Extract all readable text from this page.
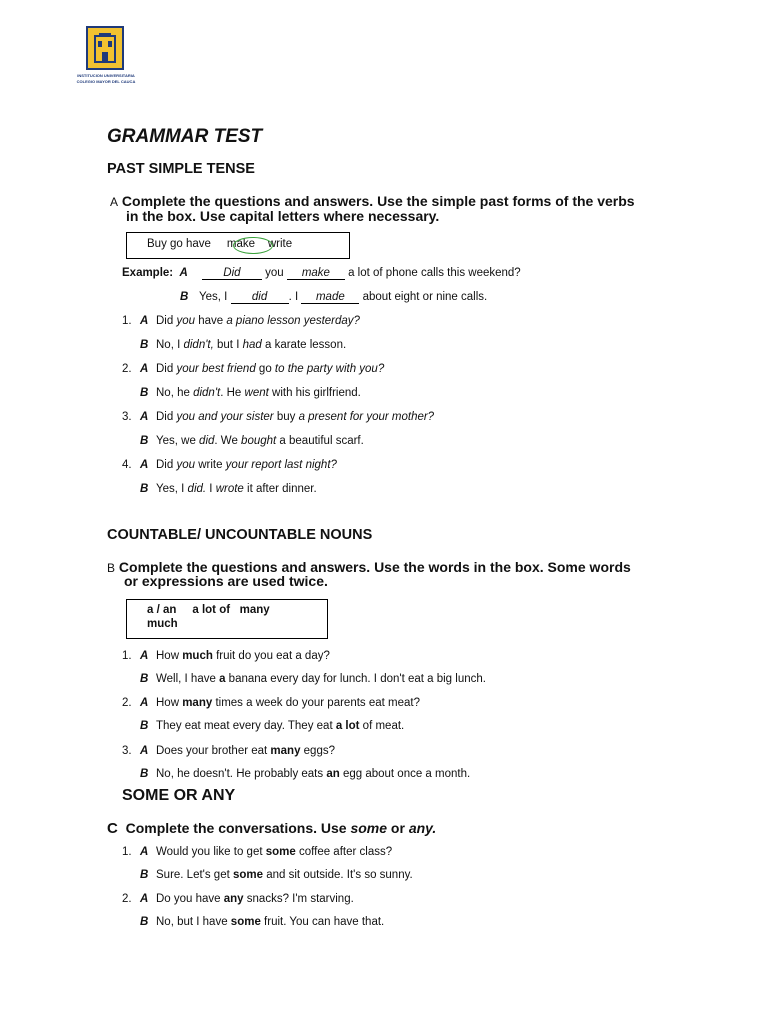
INSTITUCION UNIVERSITARIA
COLEGIO MAYOR DEL CAUCA
GRAMMAR TEST
PAST SIMPLE TENSE
A Complete the questions and answers. Use the simple past forms of the verbs
in the box. Use capital letters where necessary.
Buy go have make write
Example: A	Did you make a lot of phone calls this weekend?
B Yes, I did . I made about eight or nine calls.
1. A Did you have a piano lesson yesterday?
B No, I didn't, but I had a karate lesson.
2. A Did your best friend go to the party with you?
B No, he didn't. He went with his girlfriend.
3. A Did you and your sister buy a present for your mother?
B Yes, we did. We bought a beautiful scarf.
4. A Did you write your report last night?
B Yes, I did. I wrote it after dinner.
COUNTABLE/ UNCOUNTABLE NOUNS
B Complete the questions and answers. Use the words in the box. Some words
or expressions are used twice.
a / an     a lot of   many
much
1. A How much fruit do you eat a day?
B Well, I have a banana every day for lunch. I don't eat a big lunch.
2. A How many times a week do your parents eat meat?
B They eat meat every day. They eat a lot of meat.
3. A Does your brother eat many eggs?
B No, he doesn't. He probably eats an egg about once a month.
SOME OR ANY
C Complete the conversations. Use some or any.
1. A Would you like to get some coffee after class?
B Sure. Let's get some and sit outside. It's so sunny.
2. A Do you have any snacks? I'm starving.
B No, but I have some fruit. You can have that.
